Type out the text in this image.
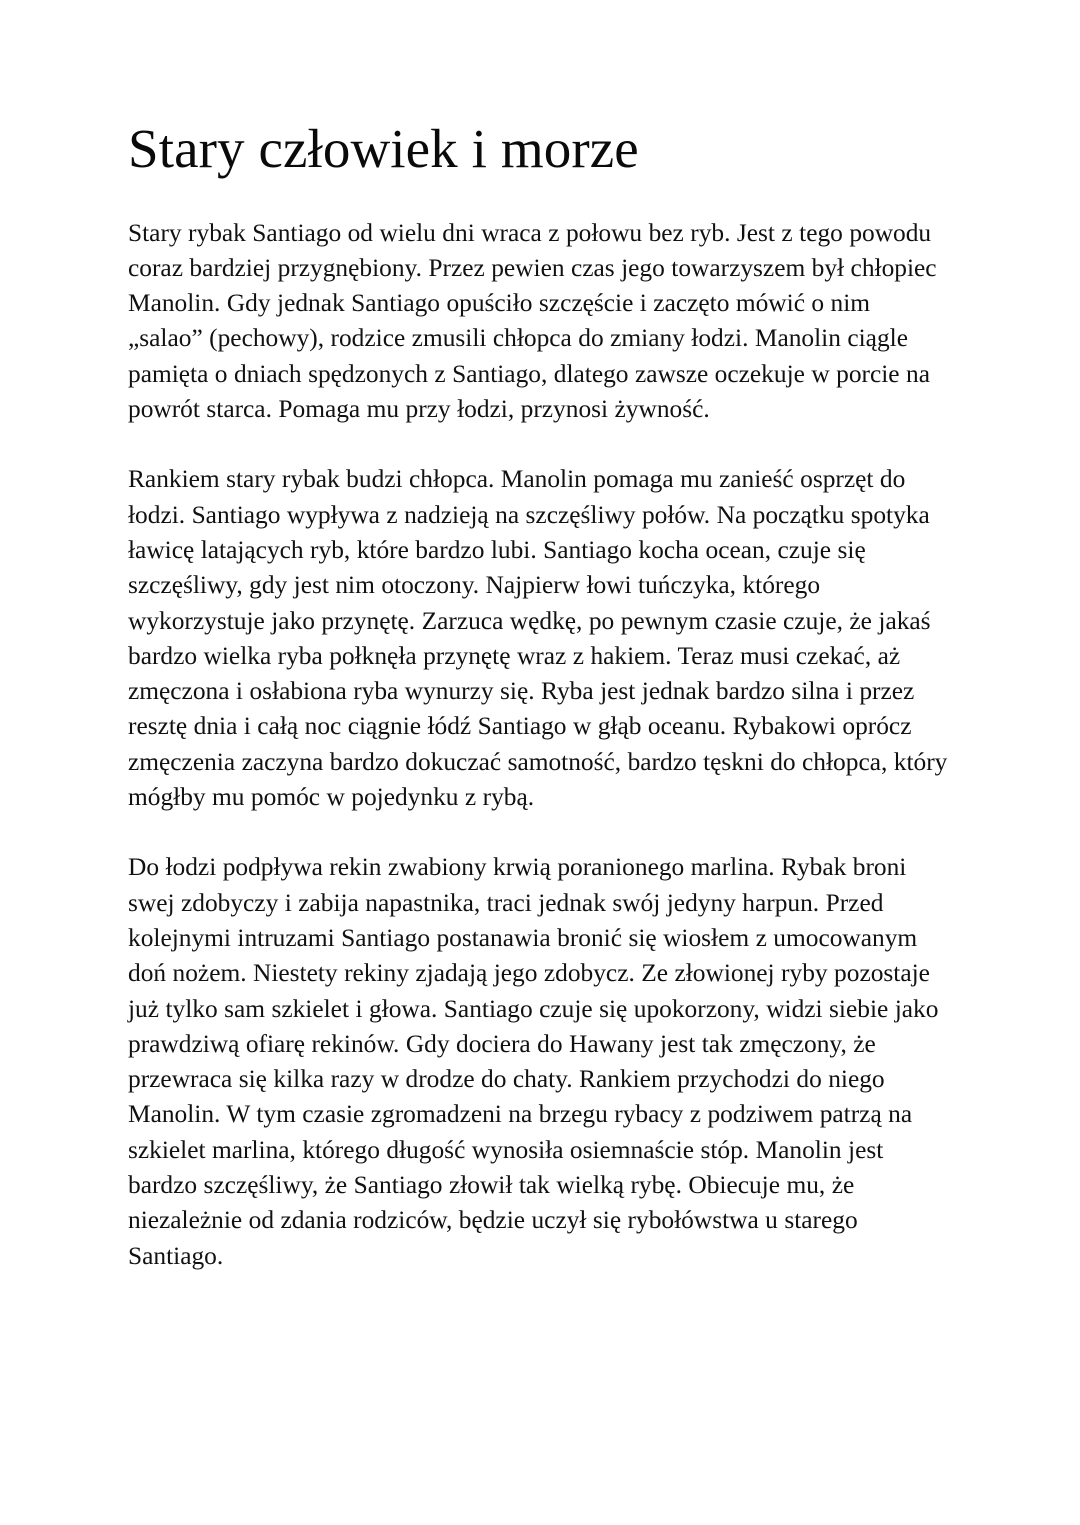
Stary człowiek i morze

Stary rybak Santiago od wielu dni wraca z połowu bez ryb. Jest z tego powodu coraz bardziej przygnębiony. Przez pewien czas jego towarzyszem był chłopiec Manolin. Gdy jednak Santiago opuściło szczęście i zaczęto mówić o nim „salao” (pechowy), rodzice zmusili chłopca do zmiany łodzi. Manolin ciągle pamięta o dniach spędzonych z Santiago, dlatego zawsze oczekuje w porcie na powrót starca. Pomaga mu przy łodzi, przynosi żywność.

Rankiem stary rybak budzi chłopca. Manolin pomaga mu zanieść osprzęt do łodzi. Santiago wypływa z nadzieją na szczęśliwy połów. Na początku spotyka ławicę latających ryb, które bardzo lubi. Santiago kocha ocean, czuje się szczęśliwy, gdy jest nim otoczony. Najpierw łowi tuńczyka, którego wykorzystuje jako przynętę. Zarzuca wędkę, po pewnym czasie czuje, że jakaś bardzo wielka ryba połknęła przynętę wraz z hakiem. Teraz musi czekać, aż zmęczona i osłabiona ryba wynurzy się. Ryba jest jednak bardzo silna i przez resztę dnia i całą noc ciągnie łódź Santiago w głąb oceanu. Rybakowi oprócz zmęczenia zaczyna bardzo dokuczać samotność, bardzo tęskni do chłopca, który mógłby mu pomóc w pojedynku z rybą.

Do łodzi podpływa rekin zwabiony krwią poranionego marlina. Rybak broni swej zdobyczy i zabija napastnika, traci jednak swój jedyny harpun. Przed kolejnymi intruzami Santiago postanawia bronić się wiosłem z umocowanym doń nożem. Niestety rekiny zjadają jego zdobycz. Ze złowionej ryby pozostaje już tylko sam szkielet i głowa. Santiago czuje się upokorzony, widzi siebie jako prawdziwą ofiarę rekinów. Gdy dociera do Hawany jest tak zmęczony, że przewraca się kilka razy w drodze do chaty. Rankiem przychodzi do niego Manolin. W tym czasie zgromadzeni na brzegu rybacy z podziwem patrzą na szkielet marlina, którego długość wynosiła osiemnaście stóp. Manolin jest bardzo szczęśliwy, że Santiago złowił tak wielką rybę. Obiecuje mu, że niezależnie od zdania rodziców, będzie uczył się rybołówstwa u starego Santiago.
